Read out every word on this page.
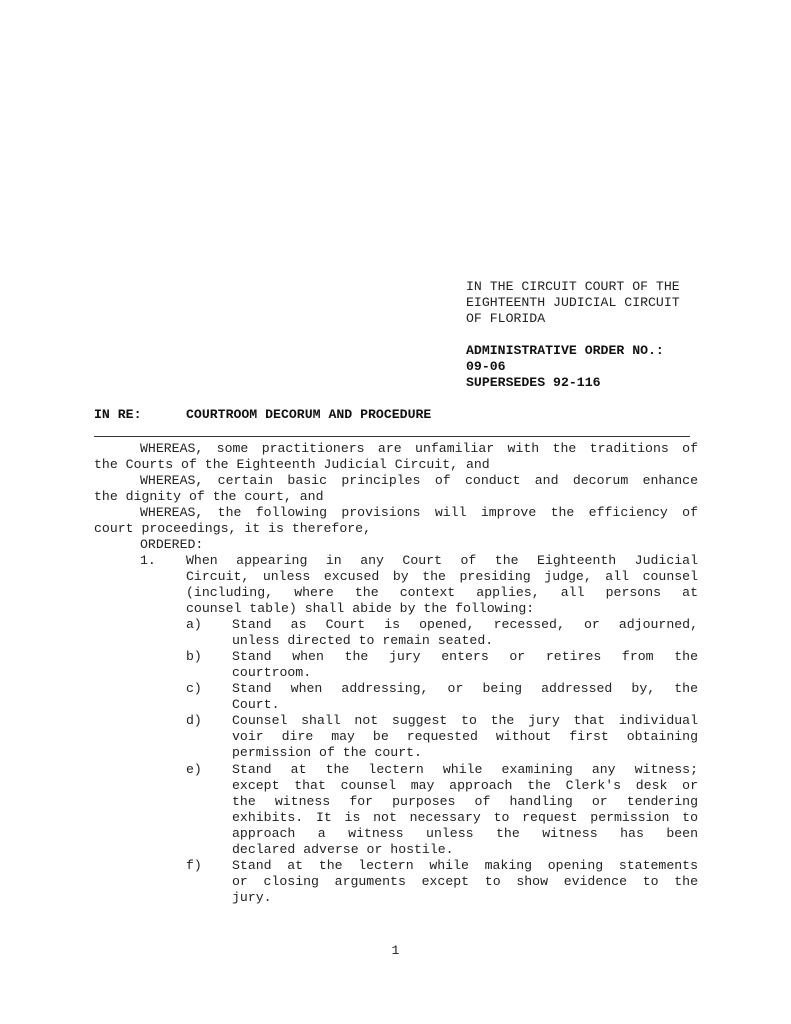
IN THE CIRCUIT COURT OF THE
EIGHTEENTH JUDICIAL CIRCUIT
OF FLORIDA
ADMINISTRATIVE ORDER NO.:
09-06
SUPERSEDES 92-116
IN RE:	COURTROOM DECORUM AND PROCEDURE
WHEREAS, some practitioners are unfamiliar with the traditions of
the Courts of the Eighteenth Judicial Circuit, and
WHEREAS, certain basic principles of conduct and decorum enhance
the dignity of the court, and
WHEREAS, the following provisions will improve the efficiency of
court proceedings, it is therefore,
ORDERED:
1. When appearing in any Court of the Eighteenth Judicial
Circuit, unless excused by the presiding judge, all counsel
(including, where the context applies, all persons at
counsel table) shall abide by the following:
a) Stand as Court is opened, recessed, or adjourned,
unless directed to remain seated.
b) Stand when the jury enters or retires from the
courtroom.
c) Stand when addressing, or being addressed by, the
Court.
d) Counsel shall not suggest to the jury that individual
voir dire may be requested without first obtaining
permission of the court.
e) Stand at the lectern while examining any witness;
except that counsel may approach the Clerk's desk or
the witness for purposes of handling or tendering
exhibits. It is not necessary to request permission to
approach a witness unless the witness has been
declared adverse or hostile.
f) Stand at the lectern while making opening statements
or closing arguments except to show evidence to the
jury.
1
